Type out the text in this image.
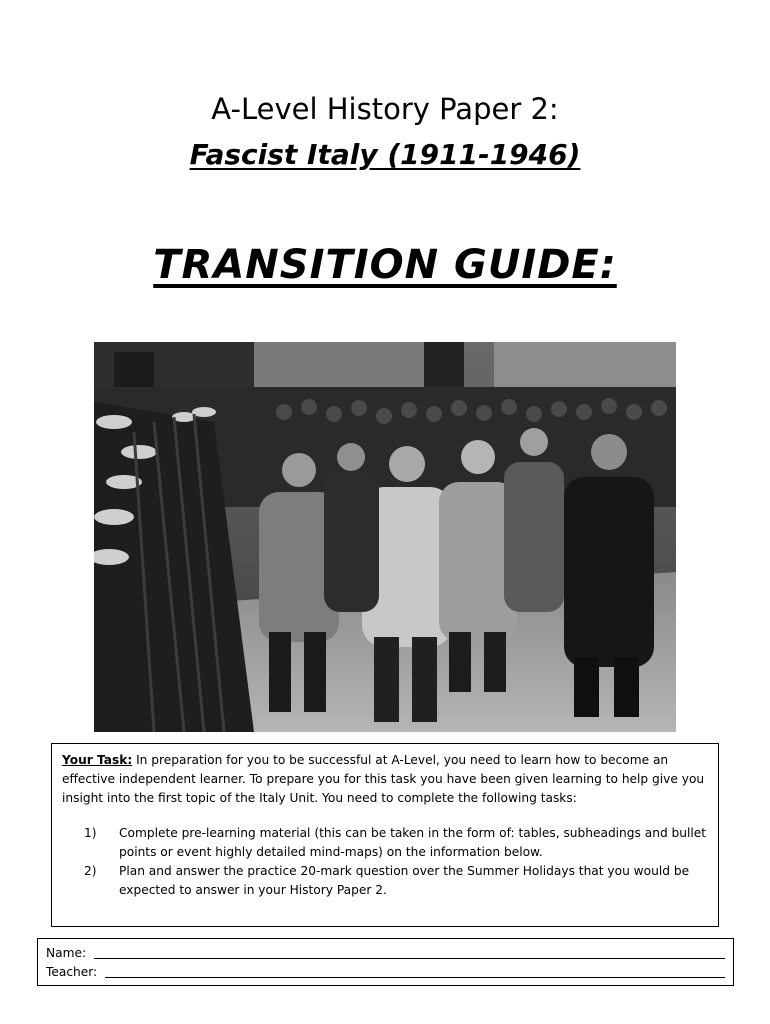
A-Level History Paper 2:
Fascist Italy (1911-1946)
TRANSITION GUIDE:

Your Task: In preparation for you to be successful at A-Level, you need to learn how to become an effective independent learner. To prepare you for this task you have been given learning to help give you insight into the first topic of the Italy Unit. You need to complete the following tasks:

1) Complete pre-learning material (this can be taken in the form of: tables, subheadings and bullet points or event highly detailed mind-maps) on the information below.
2) Plan and answer the practice 20-mark question over the Summer Holidays that you would be expected to answer in your History Paper 2.
Name:
Teacher:
